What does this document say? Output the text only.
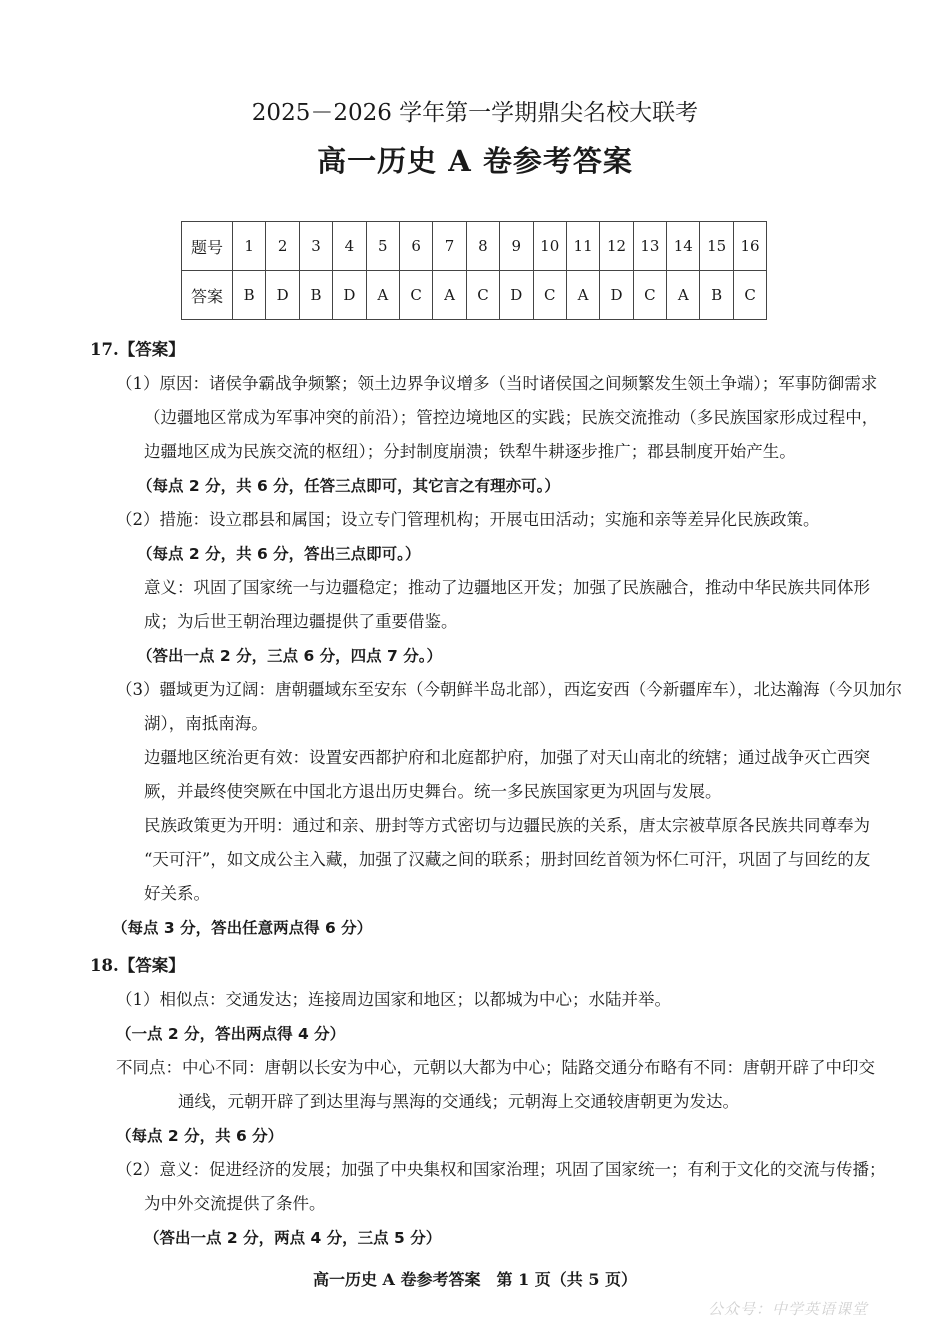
2025－2026 学年第一学期鼎尖名校大联考
高一历史 A 卷参考答案
题号	1	2	3	4	5	6	7	8	9	10	11	12	13	14	15	16
答案	B	D	B	D	A	C	A	C	D	C	A	D	C	A	B	C
17.【答案】
（1）原因：诸侯争霸战争频繁；领土边界争议增多（当时诸侯国之间频繁发生领土争端）；军事防御需求
（边疆地区常成为军事冲突的前沿）；管控边境地区的实践；民族交流推动（多民族国家形成过程中，
边疆地区成为民族交流的枢纽）；分封制度崩溃；铁犁牛耕逐步推广；郡县制度开始产生。
（每点 2 分，共 6 分，任答三点即可，其它言之有理亦可。）
（2）措施：设立郡县和属国；设立专门管理机构；开展屯田活动；实施和亲等差异化民族政策。
（每点 2 分，共 6 分，答出三点即可。）
意义：巩固了国家统一与边疆稳定；推动了边疆地区开发；加强了民族融合，推动中华民族共同体形
成；为后世王朝治理边疆提供了重要借鉴。
（答出一点 2 分，三点 6 分，四点 7 分。）
（3）疆域更为辽阔：唐朝疆域东至安东（今朝鲜半岛北部），西迄安西（今新疆库车），北达瀚海（今贝加尔
湖），南抵南海。
边疆地区统治更有效：设置安西都护府和北庭都护府，加强了对天山南北的统辖；通过战争灭亡西突
厥，并最终使突厥在中国北方退出历史舞台。统一多民族国家更为巩固与发展。
民族政策更为开明：通过和亲、册封等方式密切与边疆民族的关系，唐太宗被草原各民族共同尊奉为
“天可汗”，如文成公主入藏，加强了汉藏之间的联系；册封回纥首领为怀仁可汗，巩固了与回纥的友
好关系。
（每点 3 分，答出任意两点得 6 分）
18.【答案】
（1）相似点：交通发达；连接周边国家和地区；以都城为中心；水陆并举。
（一点 2 分，答出两点得 4 分）
不同点：中心不同：唐朝以长安为中心，元朝以大都为中心；陆路交通分布略有不同：唐朝开辟了中印交
通线，元朝开辟了到达里海与黑海的交通线；元朝海上交通较唐朝更为发达。
（每点 2 分，共 6 分）
（2）意义：促进经济的发展；加强了中央集权和国家治理；巩固了国家统一；有利于文化的交流与传播；
为中外交流提供了条件。
（答出一点 2 分，两点 4 分，三点 5 分）
高一历史 A 卷参考答案　第 1 页（共 5 页）
公众号：中学英语课堂
